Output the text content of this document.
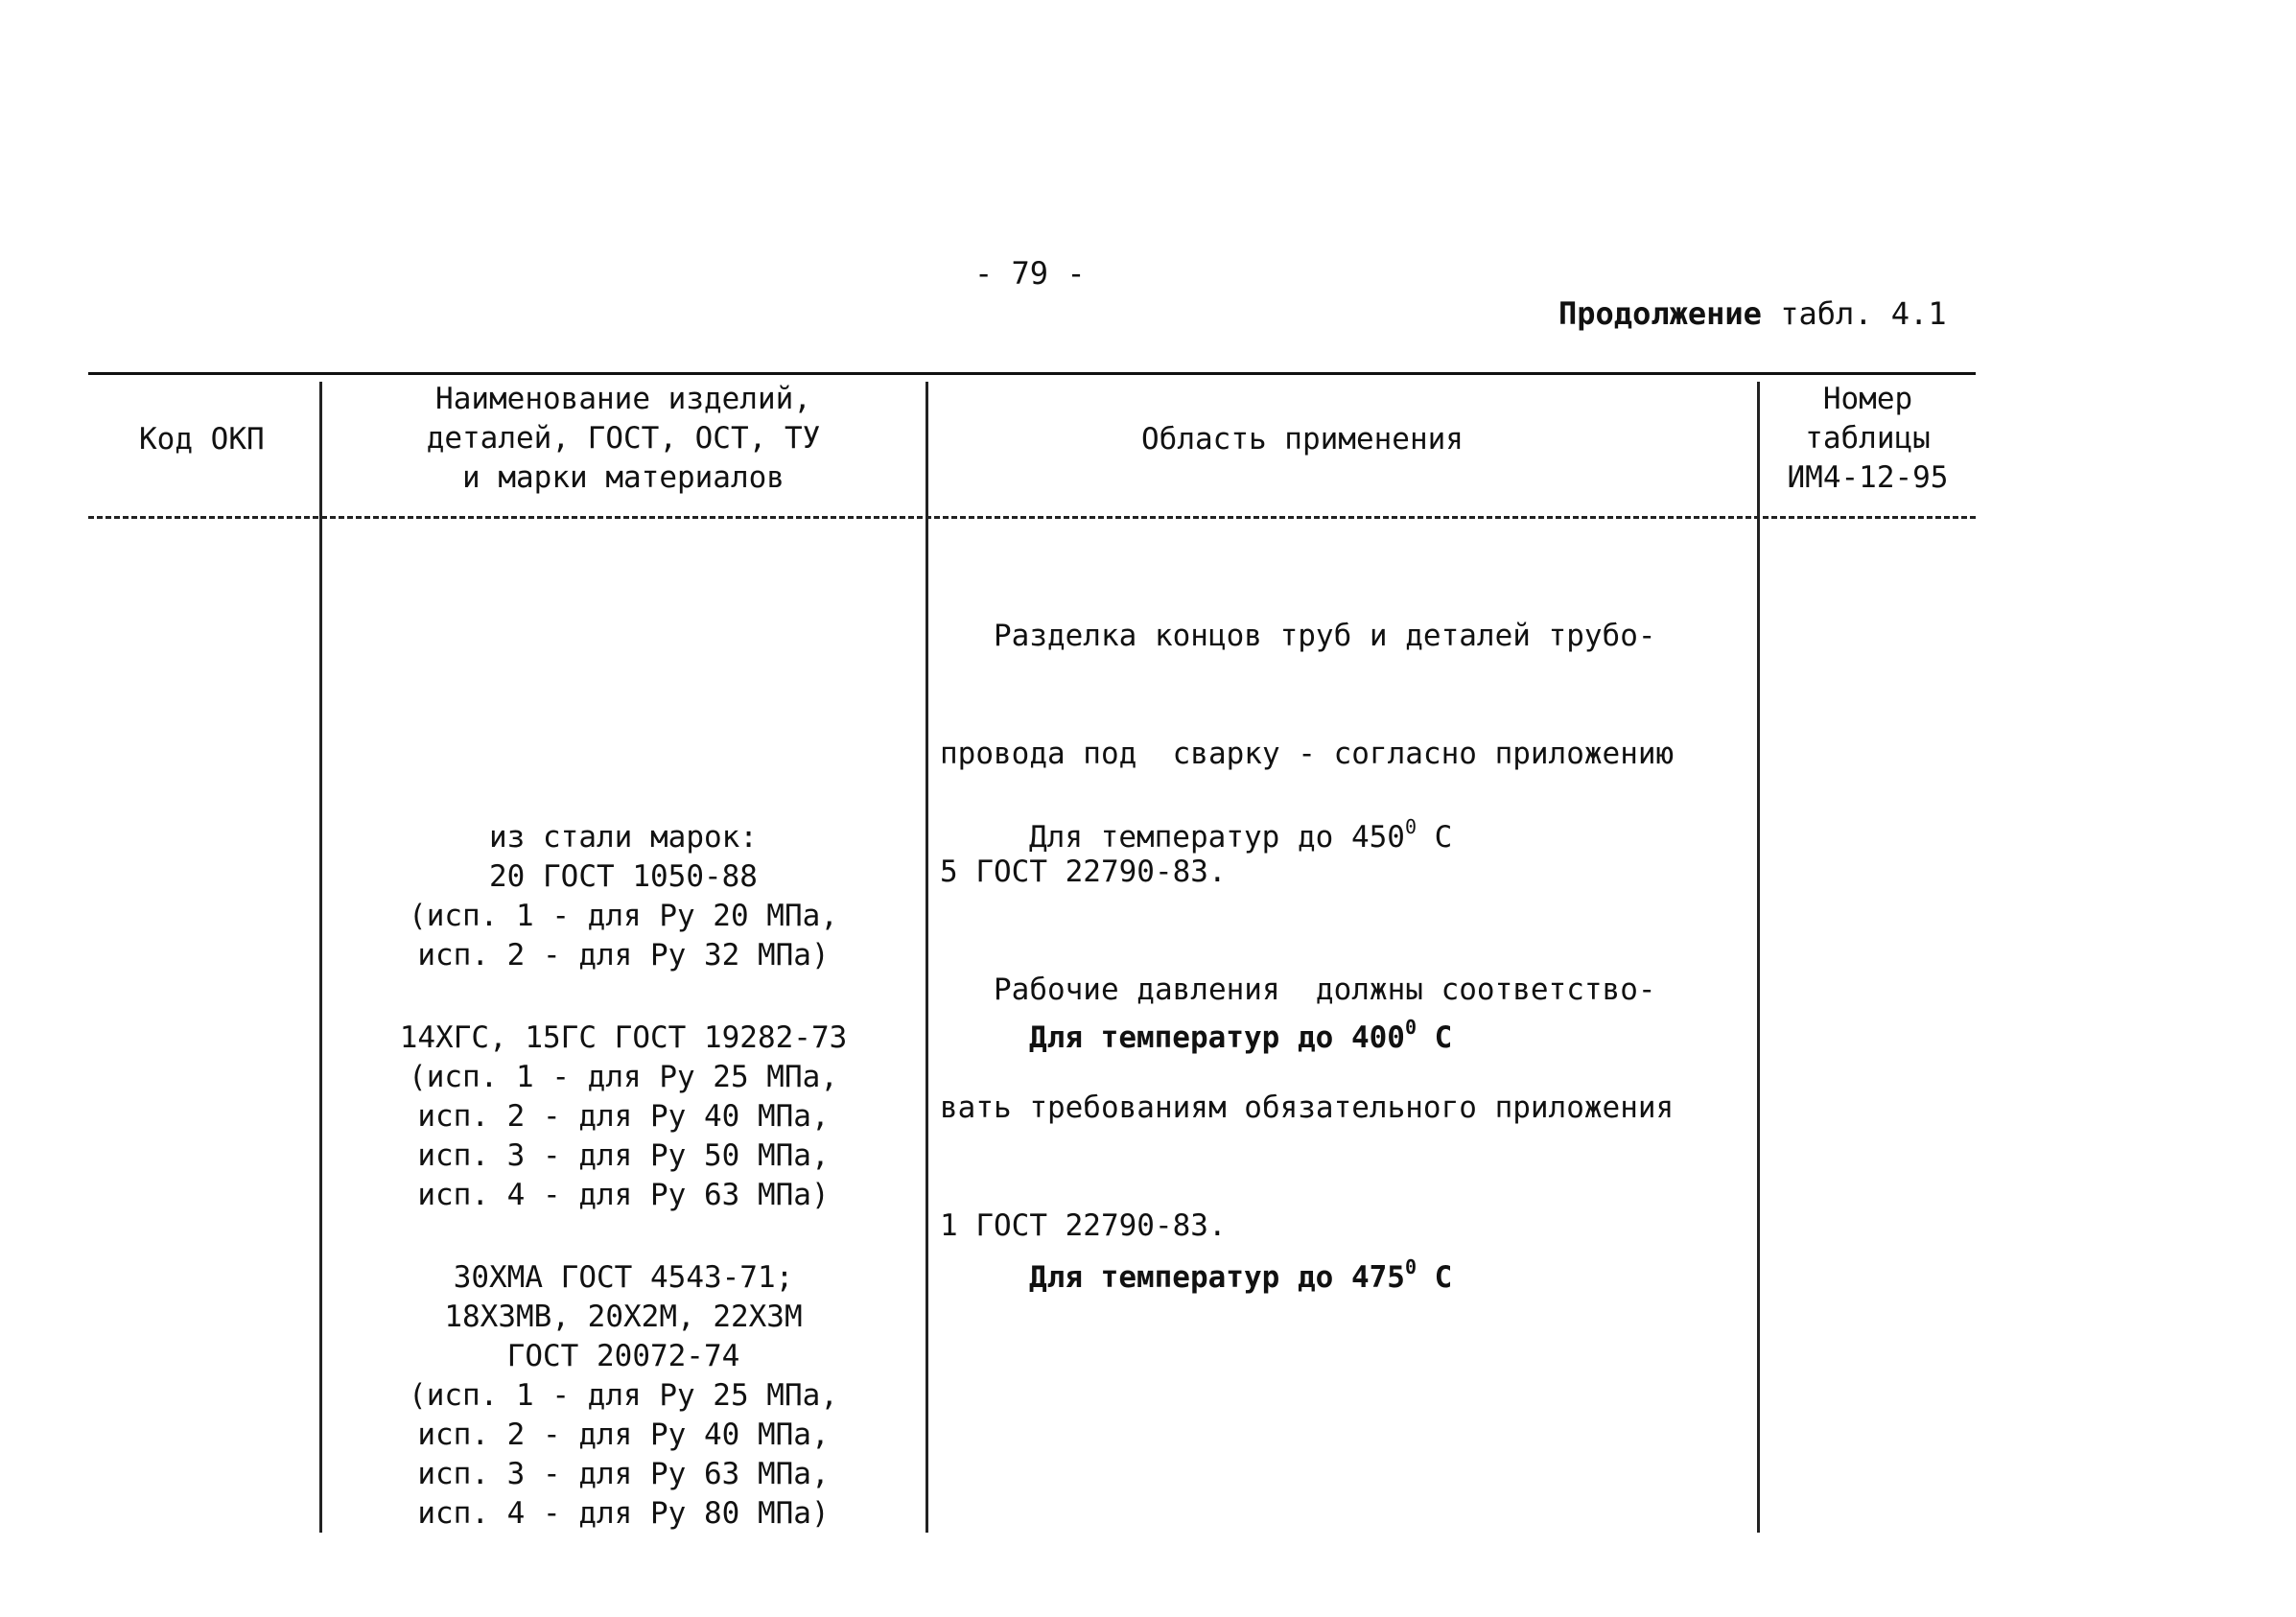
- 79 -
Продолжение табл. 4.1
Код ОКП
Наименование изделий,
деталей, ГОСТ, ОСТ, ТУ
и марки материалов
Область применения
Номер
таблицы
ИМ4-12-95

Разделка концов труб и деталей трубо-

провода под  сварку - согласно приложению

5 ГОСТ 22790-83.

Рабочие давления  должны соответство-

вать требованиям обязательного приложения

1 ГОСТ 22790-83.

из стали марок:
20 ГОСТ 1050-88
(исп. 1 - для Ру 20 МПа,
исп. 2 - для Ру 32 МПа)
Для температур до $450^0$ С
14ХГС, 15ГС ГОСТ 19282-73
(исп. 1 - для Ру 25 МПа,
исп. 2 - для Ру 40 МПа,
исп. 3 - для Ру 50 МПа,
исп. 4 - для Ру 63 МПа)
Для температур до $400^0$ С
30ХМА ГОСТ 4543-71;
18Х3МВ, 20Х2М, 22Х3М
ГОСТ 20072-74
(исп. 1 - для Ру 25 МПа,
исп. 2 - для Ру 40 МПа,
исп. 3 - для Ру 63 МПа,
исп. 4 - для Ру 80 МПа)
Для температур до $475^0$ С
